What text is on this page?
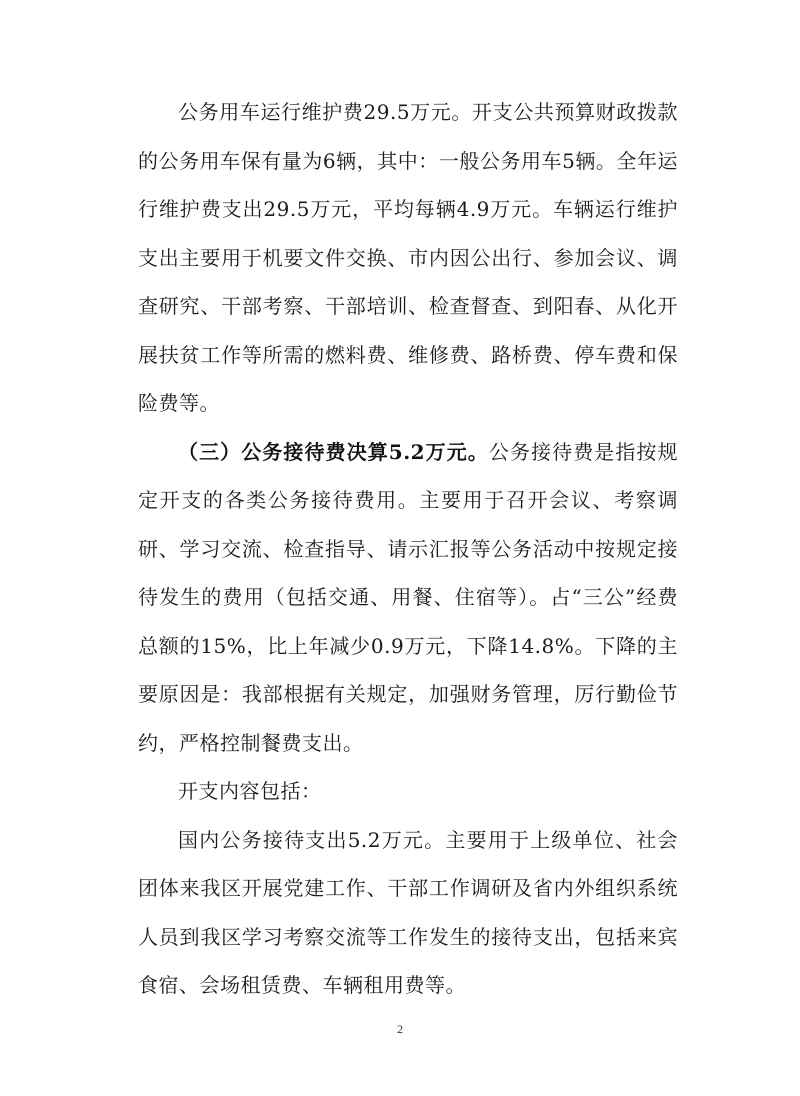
公务用车运行维护费29.5万元。开支公共预算财政拨款的公务用车保有量为6辆，其中：一般公务用车5辆。全年运行维护费支出29.5万元，平均每辆4.9万元。车辆运行维护支出主要用于机要文件交换、市内因公出行、参加会议、调查研究、干部考察、干部培训、检查督查、到阳春、从化开展扶贫工作等所需的燃料费、维修费、路桥费、停车费和保险费等。

（三）公务接待费决算5.2万元。公务接待费是指按规定开支的各类公务接待费用。主要用于召开会议、考察调研、学习交流、检查指导、请示汇报等公务活动中按规定接待发生的费用（包括交通、用餐、住宿等）。占“三公”经费总额的15%，比上年减少0.9万元，下降14.8%。下降的主要原因是：我部根据有关规定，加强财务管理，厉行勤俭节约，严格控制餐费支出。

开支内容包括：

国内公务接待支出5.2万元。主要用于上级单位、社会团体来我区开展党建工作、干部工作调研及省内外组织系统人员到我区学习考察交流等工作发生的接待支出，包括来宾食宿、会场租赁费、车辆租用费等。

2
